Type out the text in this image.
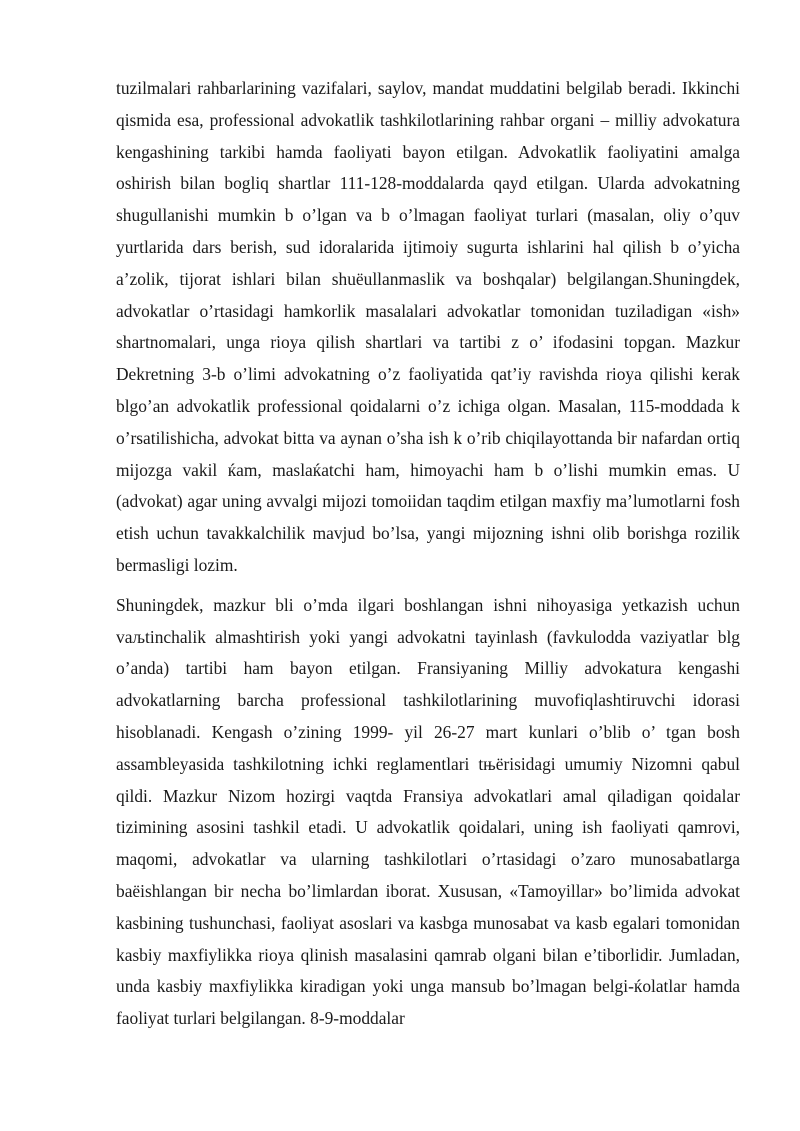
tuzilmalari rahbarlarining vazifalari, saylov, mandat muddatini belgilab beradi. Ikkinchi qismida esa, professional advokatlik tashkilotlarining rahbar organi – milliy advokatura kengashining tarkibi hamda faoliyati bayon etilgan. Advokatlik faoliyatini amalga oshirish bilan bogliq shartlar 111-128-moddalarda qayd etilgan. Ularda advokatning shugullanishi mumkin b o’lgan va b o’lmagan faoliyat turlari (masalan, oliy o’quv yurtlarida dars berish, sud idoralarida ijtimoiy sugurta ishlarini hal qilish b o’yicha a’zolik, tijorat ishlari bilan shuёullanmaslik va boshqalar) belgilangan.Shuningdek, advokatlar o’rtasidagi hamkorlik masalalari advokatlar tomonidan tuziladigan «ish» shartnomalari, unga rioya qilish shartlari va tartibi z o’ ifodasini topgan. Mazkur Dekretning 3-b o’limi advokatning o’z faoliyatida qat’iy ravishda rioya qilishi kerak blgo’an advokatlik professional qoidalarni o’z ichiga olgan. Masalan, 115-moddada k o’rsatilishicha, advokat bitta va aynan o’sha ish k o’rib chiqilayottanda bir nafardan ortiq mijozga vakil ќam, maslaќatchi ham, himoyachi ham b o’lishi mumkin emas. U (advokat) agar uning avvalgi mijozi tomoiidan taqdim etilgan maxfiy ma’lumotlarni fosh etish uchun tavakkalchilik mavjud bo’lsa, yangi mijozning ishni olib borishga rozilik bermasligi lozim.

Shuningdek, mazkur bli o’mda ilgari boshlangan ishni nihoyasiga yetkazish uchun vaљtinchalik almashtirish yoki yangi advokatni tayinlash (favkulodda vaziyatlar blg o’anda) tartibi ham bayon etilgan. Fransiyaning Milliy advokatura kengashi advokatlarning barcha professional tashkilotlarining muvofiqlashtiruvchi idorasi hisoblanadi. Kengash o’zining 1999- yil 26-27 mart kunlari o’blib o’ tgan bosh assambleyasida tashkilotning ichki reglamentlari tњёrisidagi umumiy Nizomni qabul qildi. Mazkur Nizom hozirgi vaqtda Fransiya advokatlari amal qiladigan qoidalar tizimining asosini tashkil etadi. U advokatlik qoidalari, uning ish faoliyati qamrovi, maqomi, advokatlar va ularning tashkilotlari o’rtasidagi o’zaro munosabatlarga baёishlangan bir necha bo’limlardan iborat. Xususan, «Tamoyillar» bo’limida advokat kasbining tushunchasi, faoliyat asoslari va kasbga munosabat va kasb egalari tomonidan kasbiy maxfiylikka rioya qlinish masalasini qamrab olgani bilan e’tiborlidir. Jumladan, unda kasbiy maxfiylikka kiradigan yoki unga mansub bo’lmagan belgi-ќolatlar hamda faoliyat turlari belgilangan. 8-9-moddalar
